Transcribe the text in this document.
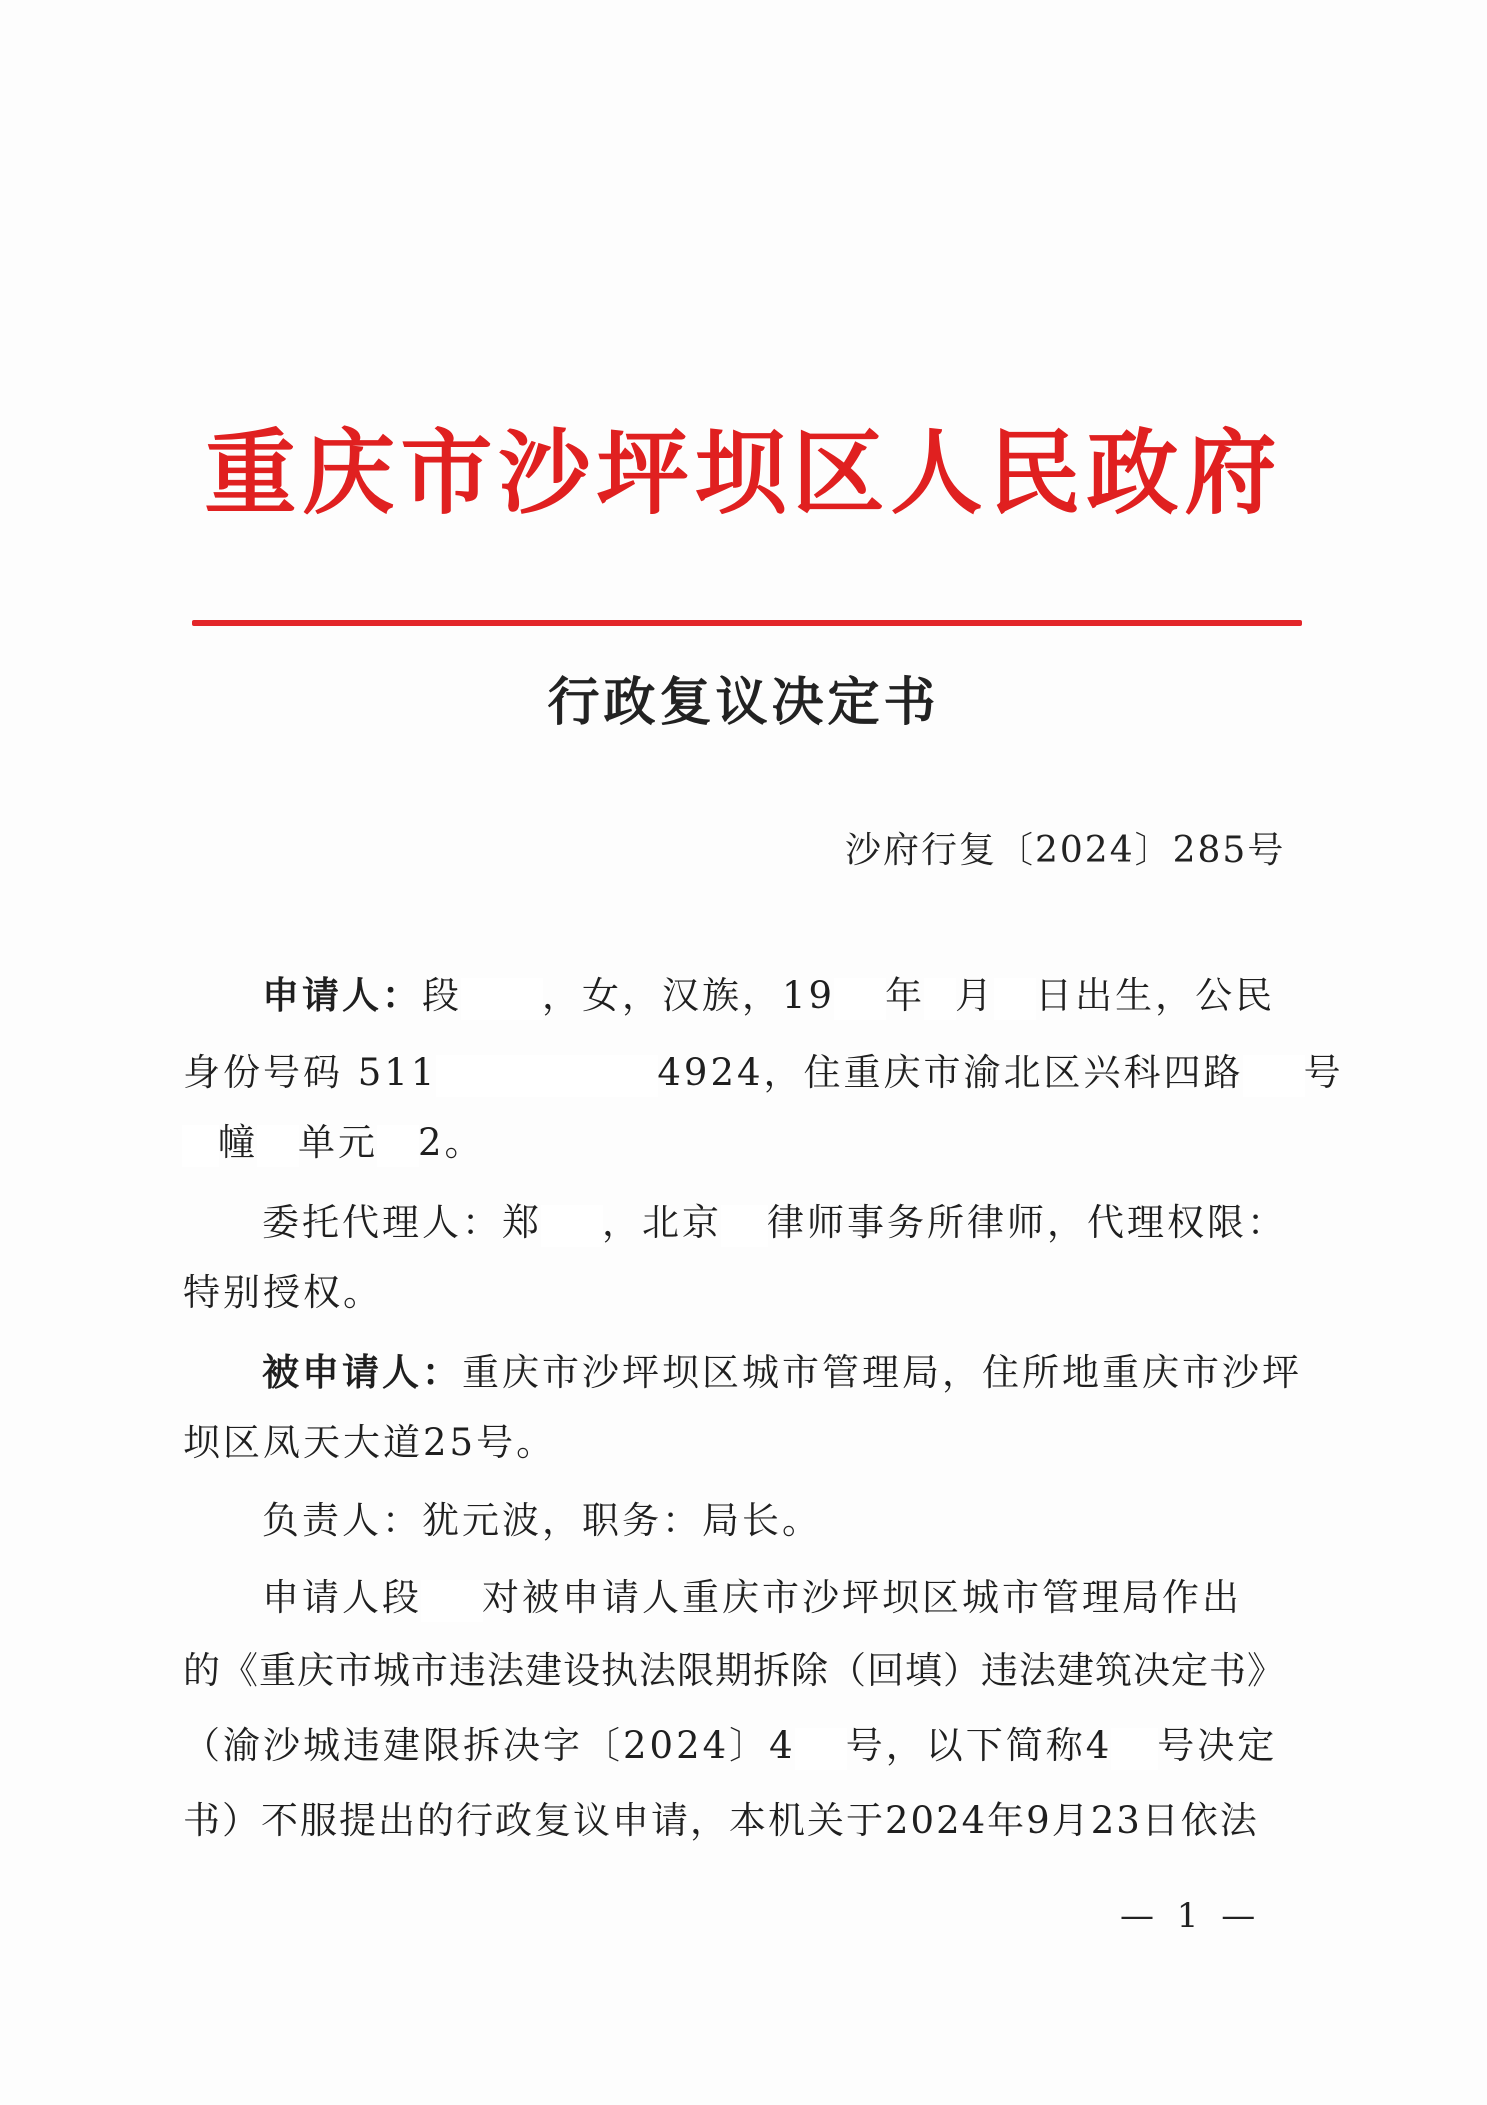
重庆市沙坪坝区人民政府
行政复议决定书
沙府行复〔2024〕285号
申请人：段 ，女，汉族，19 年 月 日出生，公民
身份号码 511	4924，住重庆市渝北区兴科四路 号
幢 单元 2。
委托代理人：郑 ，北京 律师事务所律师，代理权限：
特别授权。
被申请人：重庆市沙坪坝区城市管理局，住所地重庆市沙坪
坝区凤天大道25号。
负责人：犹元波，职务：局长。
申请人段 对被申请人重庆市沙坪坝区城市管理局作出
的《重庆市城市违法建设执法限期拆除（回填）违法建筑决定书》
（渝沙城违建限拆决字〔2024〕4 号，以下简称4 号决定
书）不服提出的行政复议申请，本机关于2024年9月23日依法
— 1 —
